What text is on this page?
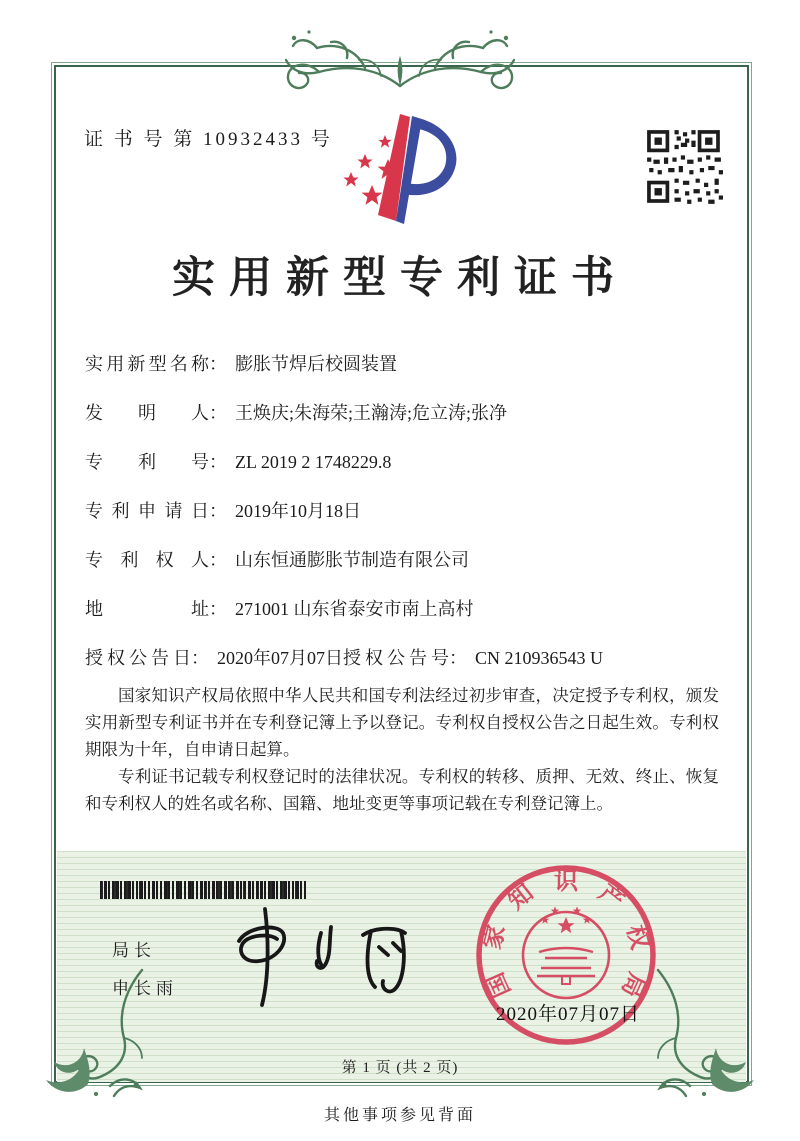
证 书 号 第 10932433 号
实用新型专利证书
实用新型名称： 膨胀节焊后校圆装置
发明人： 王焕庆;朱海荣;王瀚涛;危立涛;张净
专利号： ZL 2019 2 1748229.8
专利申请日： 2019年10月18日
专利权人： 山东恒通膨胀节制造有限公司
地址： 271001 山东省泰安市南上高村
授权公告日： 2020年07月07日 授权公告号： CN 210936543 U

国家知识产权局依照中华人民共和国专利法经过初步审查，决定授予专利权，颁发实用新型专利证书并在专利登记簿上予以登记。专利权自授权公告之日起生效。专利权期限为十年，自申请日起算。

专利证书记载专利权登记时的法律状况。专利权的转移、质押、无效、终止、恢复和专利权人的姓名或名称、国籍、地址变更等事项记载在专利登记簿上。

局长
申长雨	国
家
知 识 产
权
局
2020年07月07日
第 1 页 (共 2 页)
其他事项参见背面
